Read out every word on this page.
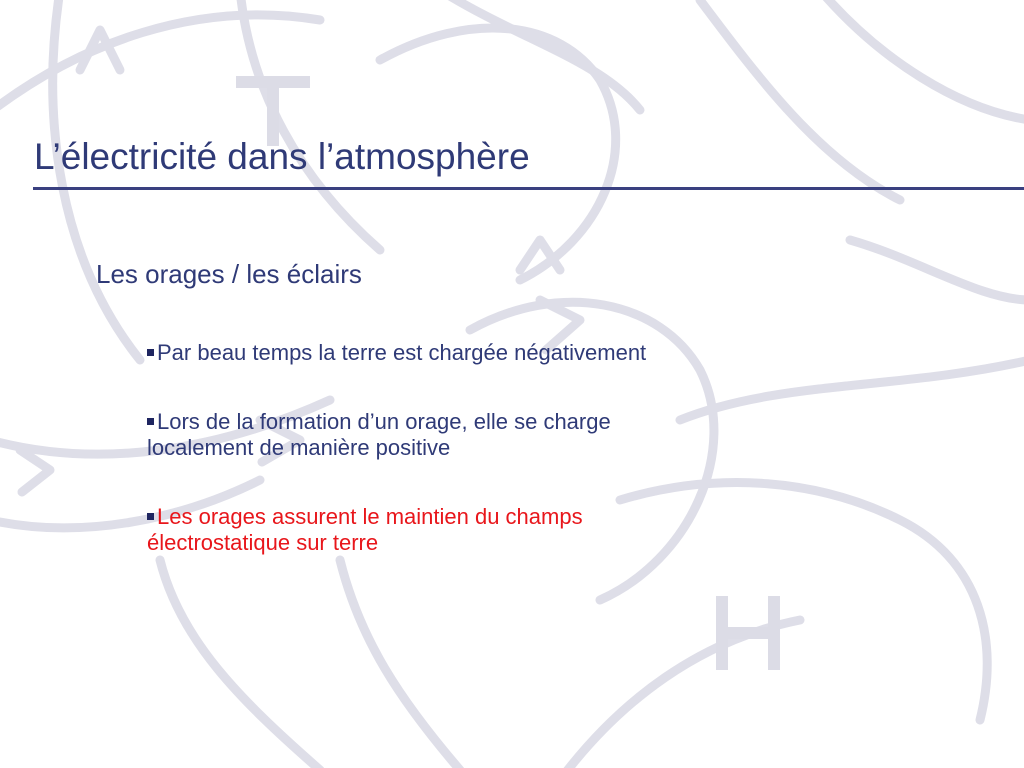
L’électricité dans l’atmosphère
Les orages / les éclairs
Par beau temps la terre est chargée négativement
Lors de la formation d’un orage, elle se charge localement de manière positive
Les orages assurent le maintien du champs électrostatique sur terre
